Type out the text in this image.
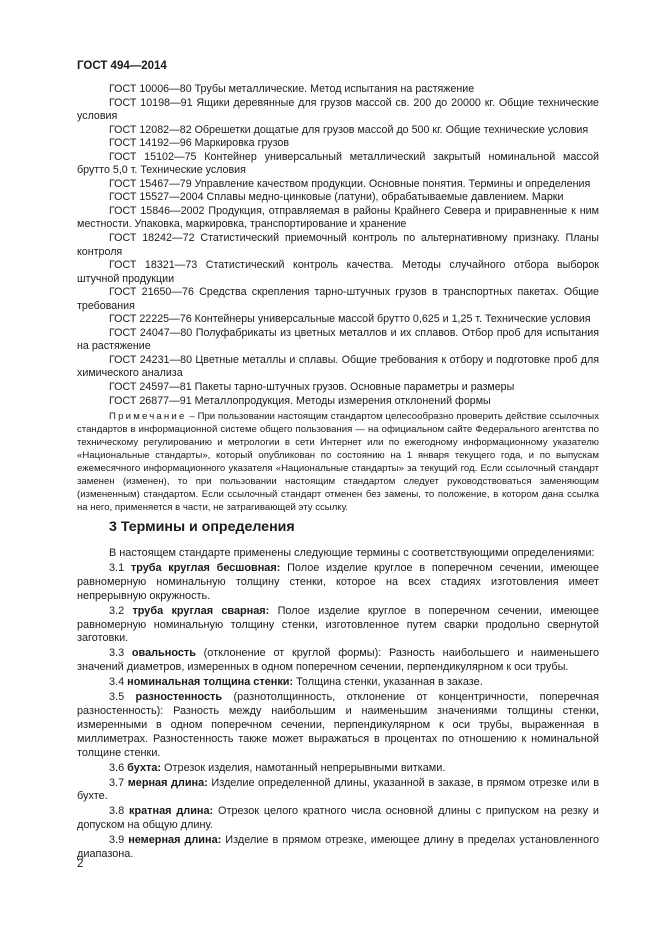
ГОСТ 494—2014

ГОСТ 10006—80 Трубы металлические. Метод испытания на растяжение

ГОСТ 10198—91 Ящики деревянные для грузов массой св. 200 до 20000 кг. Общие технические условия

ГОСТ 12082—82 Обрешетки дощатые для грузов массой до 500 кг. Общие технические условия

ГОСТ 14192—96 Маркировка грузов

ГОСТ 15102—75 Контейнер универсальный металлический закрытый номинальной массой брутто 5,0 т. Технические условия

ГОСТ 15467—79 Управление качеством продукции. Основные понятия. Термины и определения

ГОСТ 15527—2004 Сплавы медно-цинковые (латуни), обрабатываемые давлением. Марки

ГОСТ 15846—2002 Продукция, отправляемая в районы Крайнего Севера и приравненные к ним местности. Упаковка, маркировка, транспортирование и хранение

ГОСТ 18242—72 Статистический приемочный контроль по альтернативному признаку. Планы контроля

ГОСТ 18321—73 Статистический контроль качества. Методы случайного отбора выборок штучной продукции

ГОСТ 21650—76 Средства скрепления тарно-штучных грузов в транспортных пакетах. Общие требования

ГОСТ 22225—76 Контейнеры универсальные массой брутто 0,625 и 1,25 т. Технические условия

ГОСТ 24047—80 Полуфабрикаты из цветных металлов и их сплавов. Отбор проб для испытания на растяжение

ГОСТ 24231—80 Цветные металлы и сплавы. Общие требования к отбору и подготовке проб для химического анализа

ГОСТ 24597—81 Пакеты тарно-штучных грузов. Основные параметры и размеры

ГОСТ 26877—91 Металлопродукция. Методы измерения отклонений формы

Примечание – При пользовании настоящим стандартом целесообразно проверить действие ссылочных стандартов в информационной системе общего пользования — на официальном сайте Федерального агентства по техническому регулированию и метрологии в сети Интернет или по ежегодному информационному указателю «Национальные стандарты», который опубликован по состоянию на 1 января текущего года, и по выпускам ежемесячного информационного указателя «Национальные стандарты» за текущий год. Если ссылочный стандарт заменен (изменен), то при пользовании настоящим стандартом следует руководствоваться заменяющим (измененным) стандартом. Если ссылочный стандарт отменен без замены, то положение, в котором дана ссылка на него, применяется в части, не затрагивающей эту ссылку.

3 Термины и определения

В настоящем стандарте применены следующие термины с соответствующими определениями:

3.1 труба круглая бесшовная: Полое изделие круглое в поперечном сечении, имеющее равномерную номинальную толщину стенки, которое на всех стадиях изготовления имеет непрерывную окружность.

3.2 труба круглая сварная: Полое изделие круглое в поперечном сечении, имеющее равномерную номинальную толщину стенки, изготовленное путем сварки продольно свернутой заготовки.

3.3 овальность (отклонение от круглой формы): Разность наибольшего и наименьшего значений диаметров, измеренных в одном поперечном сечении, перпендикулярном к оси трубы.

3.4 номинальная толщина стенки: Толщина стенки, указанная в заказе.

3.5 разностенность (разнотолщинность, отклонение от концентричности, поперечная разностенность): Разность между наибольшим и наименьшим значениями толщины стенки, измеренными в одном поперечном сечении, перпендикулярном к оси трубы, выраженная в миллиметрах. Разностенность также может выражаться в процентах по отношению к номинальной толщине стенки.

3.6 бухта: Отрезок изделия, намотанный непрерывными витками.

3.7 мерная длина: Изделие определенной длины, указанной в заказе, в прямом отрезке или в бухте.

3.8 кратная длина: Отрезок целого кратного числа основной длины с припуском на резку и допуском на общую длину.

3.9 немерная длина: Изделие в прямом отрезке, имеющее длину в пределах установленного диапазона.

2
